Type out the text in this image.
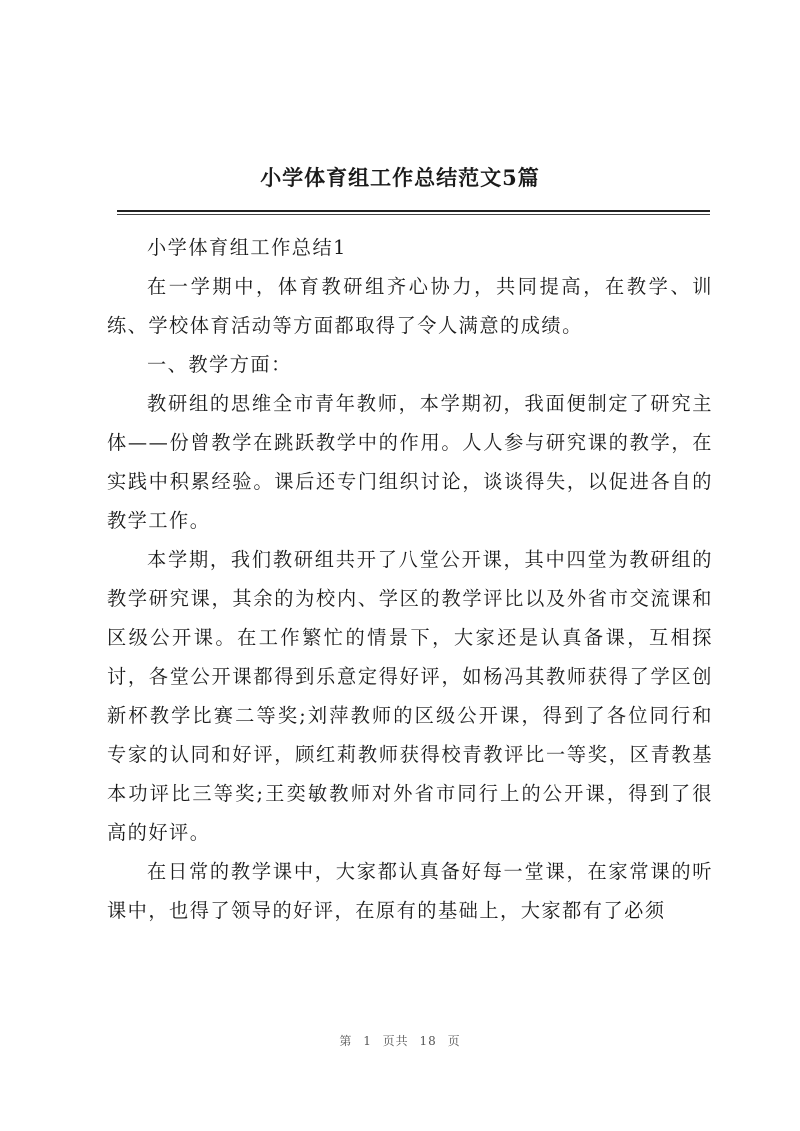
小学体育组工作总结范文5篇

小学体育组工作总结1

在一学期中，体育教研组齐心协力，共同提高，在教学、训练、学校体育活动等方面都取得了令人满意的成绩。

一、教学方面：

教研组的思维全市青年教师，本学期初，我面便制定了研究主体——份曾教学在跳跃教学中的作用。人人参与研究课的教学，在实践中积累经验。课后还专门组织讨论，谈谈得失，以促进各自的教学工作。

本学期，我们教研组共开了八堂公开课，其中四堂为教研组的教学研究课，其余的为校内、学区的教学评比以及外省市交流课和区级公开课。在工作繁忙的情景下，大家还是认真备课，互相探讨，各堂公开课都得到乐意定得好评，如杨冯其教师获得了学区创新杯教学比赛二等奖;刘萍教师的区级公开课，得到了各位同行和专家的认同和好评，顾红莉教师获得校青教评比一等奖，区青教基本功评比三等奖;王奕敏教师对外省市同行上的公开课，得到了很高的好评。

在日常的教学课中，大家都认真备好每一堂课，在家常课的听课中，也得了领导的好评，在原有的基础上，大家都有了必须

第 1 页共 18 页
